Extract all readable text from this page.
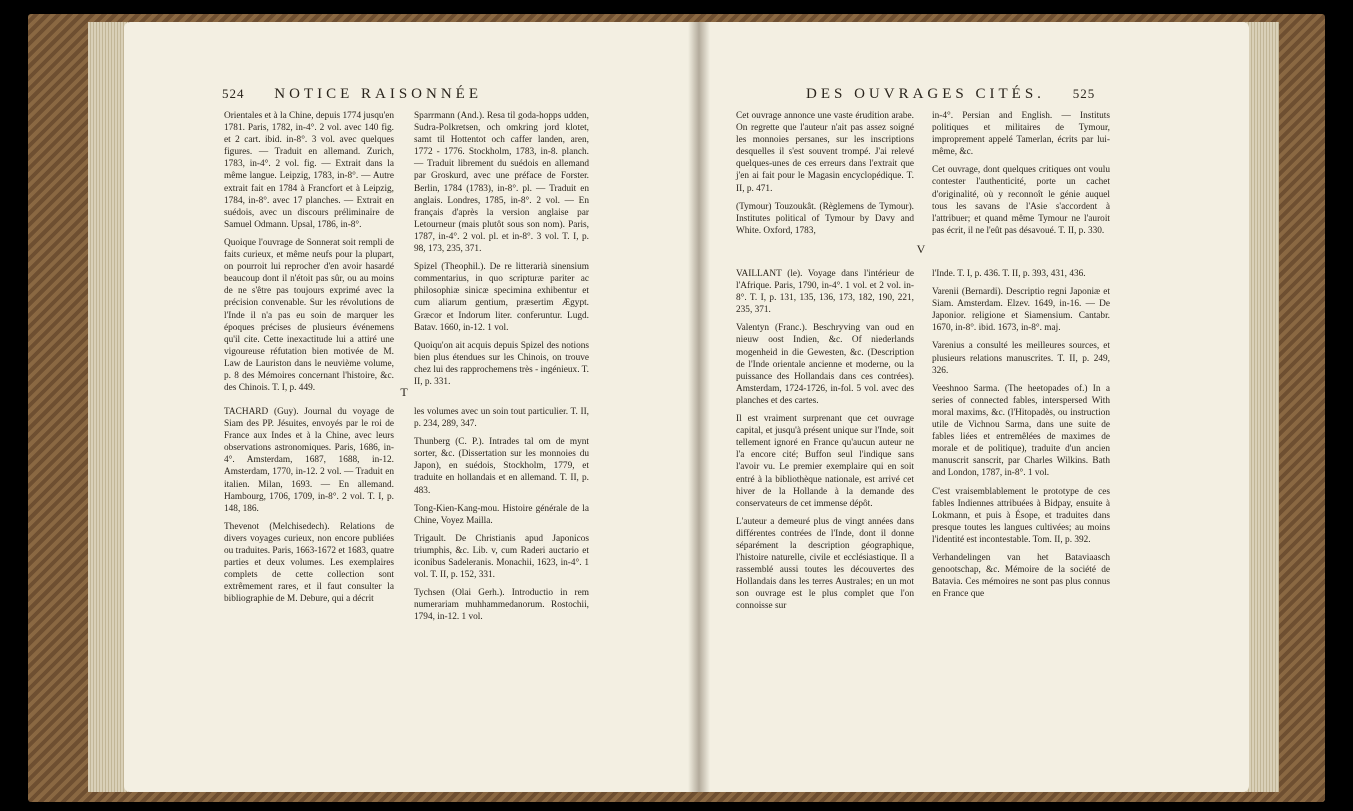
524 NOTICE RAISONNÉE

Orientales et à la Chine, depuis 1774 jusqu'en 1781. Paris, 1782, in-4°. 2 vol. avec 140 fig. et 2 cart. ibid. in-8°. 3 vol. avec quelques figures. — Traduit en allemand. Zurich, 1783, in-4°. 2 vol. fig. — Extrait dans la même langue. Leipzig, 1783, in-8°. — Autre extrait fait en 1784 à Francfort et à Leipzig, 1784, in-8°. avec 17 planches. — Extrait en suédois, avec un discours préliminaire de Samuel Odmann. Upsal, 1786, in-8°.

Quoique l'ouvrage de Sonnerat soit rempli de faits curieux, et même neufs pour la plupart, on pourroit lui reprocher d'en avoir hasardé beaucoup dont il n'étoit pas sûr, ou au moins de ne s'être pas toujours exprimé avec la précision convenable. Sur les révolutions de l'Inde il n'a pas eu soin de marquer les époques précises de plusieurs événemens qu'il cite. Cette inexactitude lui a attiré une vigoureuse réfutation bien motivée de M. Law de Lauriston dans le neuvième volume, p. 8 des Mémoires concernant l'histoire, &c. des Chinois. T. I, p. 449.

Sparrmann (And.). Resa til goda-hopps udden, Sudra-Polkretsen, och omkring jord klotet, samt til Hottentot och caffer landen, aren, 1772 - 1776. Stockholm, 1783, in-8. planch. — Traduit librement du suédois en allemand par Groskurd, avec une préface de Forster. Berlin, 1784 (1783), in-8°. pl. — Traduit en anglais. Londres, 1785, in-8°. 2 vol. — En français d'après la version anglaise par Letourneur (mais plutôt sous son nom). Paris, 1787, in-4°. 2 vol. pl. et in-8°. 3 vol. T. I, p. 98, 173, 235, 371.

Spizel (Theophil.). De re litterarià sinensium commentarius, in quo scripturæ pariter ac philosophiæ sinicæ specimina exhibentur et cum aliarum gentium, præsertim Ægypt. Græcor et Indorum liter. conferuntur. Lugd. Batav. 1660, in-12. 1 vol.

Quoiqu'on ait acquis depuis Spizel des notions bien plus étendues sur les Chinois, on trouve chez lui des rapprochemens très - ingénieux. T. II, p. 331.

T

TACHARD (Guy). Journal du voyage de Siam des PP. Jésuites, envoyés par le roi de France aux Indes et à la Chine, avec leurs observations astronomiques. Paris, 1686, in-4°. Amsterdam, 1687, 1688, in-12. Amsterdam, 1770, in-12. 2 vol. — Traduit en italien. Milan, 1693. — En allemand. Hambourg, 1706, 1709, in-8°. 2 vol. T. I, p. 148, 186.

Thevenot (Melchisedech). Relations de divers voyages curieux, non encore publiées ou traduites. Paris, 1663-1672 et 1683, quatre parties et deux volumes. Les exemplaires complets de cette collection sont extrêmement rares, et il faut consulter la bibliographie de M. Debure, qui a décrit

les volumes avec un soin tout particulier. T. II, p. 234, 289, 347.

Thunberg (C. P.). Intrades tal om de mynt sorter, &c. (Dissertation sur les monnoies du Japon), en suédois, Stockholm, 1779, et traduite en hollandais et en allemand. T. II, p. 483.

Tong-Kien-Kang-mou. Histoire générale de la Chine, Voyez Mailla.

Trigault. De Christianis apud Japonicos triumphis, &c. Lib. v, cum Raderi auctario et iconibus Sadeleranis. Monachii, 1623, in-4°. 1 vol. T. II, p. 152, 331.

Tychsen (Olai Gerh.). Introductio in rem numerariam muhhammedanorum. Rostochii, 1794, in-12. 1 vol.

DES OUVRAGES CITÉS. 525

Cet ouvrage annonce une vaste érudition arabe. On regrette que l'auteur n'ait pas assez soigné les monnoies persanes, sur les inscriptions desquelles il s'est souvent trompé. J'ai relevé quelques-unes de ces erreurs dans l'extrait que j'en ai fait pour le Magasin encyclopédique. T. II, p. 471.

(Tymour) Touzoukât. (Règlemens de Tymour). Institutes political of Tymour by Davy and White. Oxford, 1783,

in-4°. Persian and English. — Instituts politiques et militaires de Tymour, improprement appelé Tamerlan, écrits par lui-même, &c.

Cet ouvrage, dont quelques critiques ont voulu contester l'authenticité, porte un cachet d'originalité, où y reconnoît le génie auquel tous les savans de l'Asie s'accordent à l'attribuer; et quand même Tymour ne l'auroit pas écrit, il ne l'eût pas désavoué. T. II, p. 330.

V

VAILLANT (le). Voyage dans l'intérieur de l'Afrique. Paris, 1790, in-4°. 1 vol. et 2 vol. in-8°. T. I, p. 131, 135, 136, 173, 182, 190, 221, 235, 371.

Valentyn (Franc.). Beschryving van oud en nieuw oost Indien, &c. Of niederlands mogenheid in die Gewesten, &c. (Description de l'Inde orientale ancienne et moderne, ou la puissance des Hollandais dans ces contrées). Amsterdam, 1724-1726, in-fol. 5 vol. avec des planches et des cartes.

Il est vraiment surprenant que cet ouvrage capital, et jusqu'à présent unique sur l'Inde, soit tellement ignoré en France qu'aucun auteur ne l'a encore cité; Buffon seul l'indique sans l'avoir vu. Le premier exemplaire qui en soit entré à la bibliothèque nationale, est arrivé cet hiver de la Hollande à la demande des conservateurs de cet immense dépôt.

L'auteur a demeuré plus de vingt années dans différentes contrées de l'Inde, dont il donne séparément la description géographique, l'histoire naturelle, civile et ecclésiastique. Il a rassemblé aussi toutes les découvertes des Hollandais dans les terres Australes; en un mot son ouvrage est le plus complet que l'on connoisse sur

l'Inde. T. I, p. 436. T. II, p. 393, 431, 436.

Varenii (Bernardi). Descriptio regni Japoniæ et Siam. Amsterdam. Elzev. 1649, in-16. — De Japonior. religione et Siamensium. Cantabr. 1670, in-8°. ibid. 1673, in-8°. maj.

Varenius a consulté les meilleures sources, et plusieurs relations manuscrites. T. II, p. 249, 326.

Veeshnoo Sarma. (The heetopades of.) In a series of connected fables, interspersed With moral maxims, &c. (l'Hitopadès, ou instruction utile de Vichnou Sarma, dans une suite de fables liées et entremêlées de maximes de morale et de politique), traduite d'un ancien manuscrit sanscrit, par Charles Wilkins. Bath and London, 1787, in-8°. 1 vol.

C'est vraisemblablement le prototype de ces fables Indiennes attribuées à Bidpay, ensuite à Lokmann, et puis à Ésope, et traduites dans presque toutes les langues cultivées; au moins l'identité est incontestable. Tom. II, p. 392.

Verhandelingen van het Bataviaasch genootschap, &c. Mémoire de la société de Batavia. Ces mémoires ne sont pas plus connus en France que
